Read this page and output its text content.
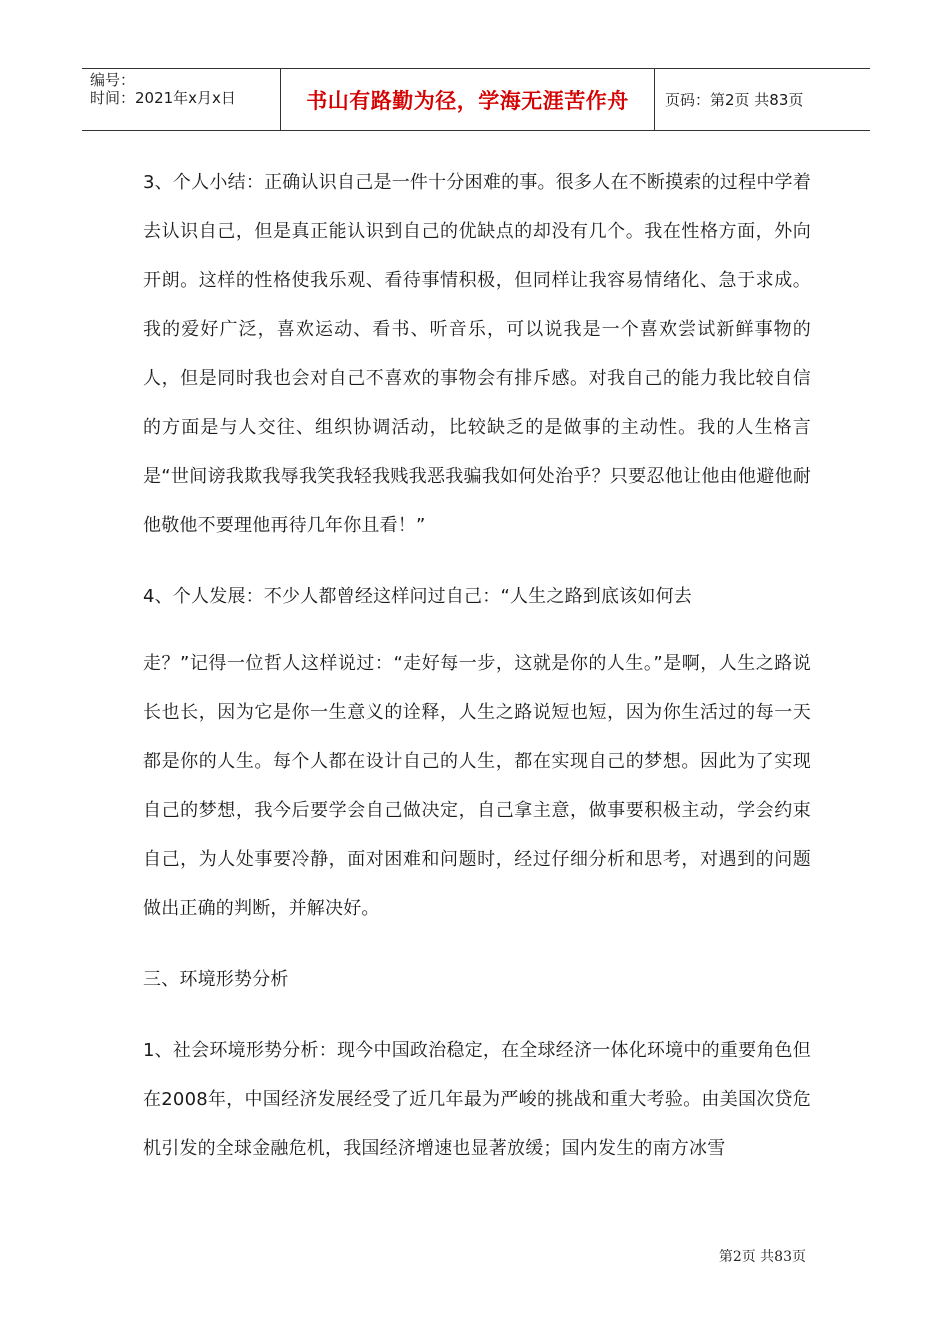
编号：
时间：2021年x月x日	书山有路勤为径，学海无涯苦作舟 页码：第2页 共83页

3、个人小结：正确认识自己是一件十分困难的事。很多人在不断摸索的过程中学着去认识自己，但是真正能认识到自己的优缺点的却没有几个。我在性格方面，外向开朗。这样的性格使我乐观、看待事情积极，但同样让我容易情绪化、急于求成。我的爱好广泛，喜欢运动、看书、听音乐，可以说我是一个喜欢尝试新鲜事物的人，但是同时我也会对自己不喜欢的事物会有排斥感。对我自己的能力我比较自信的方面是与人交往、组织协调活动，比较缺乏的是做事的主动性。我的人生格言是“世间谤我欺我辱我笑我轻我贱我恶我骗我如何处治乎？只要忍他让他由他避他耐他敬他不要理他再待几年你且看！”

4、个人发展：不少人都曾经这样问过自己：“人生之路到底该如何去

走？”记得一位哲人这样说过：“走好每一步，这就是你的人生。”是啊，人生之路说长也长，因为它是你一生意义的诠释，人生之路说短也短，因为你生活过的每一天都是你的人生。每个人都在设计自己的人生，都在实现自己的梦想。因此为了实现自己的梦想，我今后要学会自己做决定，自己拿主意，做事要积极主动，学会约束自己，为人处事要冷静，面对困难和问题时，经过仔细分析和思考，对遇到的问题做出正确的判断，并解决好。

三、环境形势分析

1、社会环境形势分析：现今中国政治稳定，在全球经济一体化环境中的重要角色但在2008年，中国经济发展经受了近几年最为严峻的挑战和重大考验。由美国次贷危机引发的全球金融危机，我国经济增速也显著放缓；国内发生的南方冰雪

第2页 共83页
